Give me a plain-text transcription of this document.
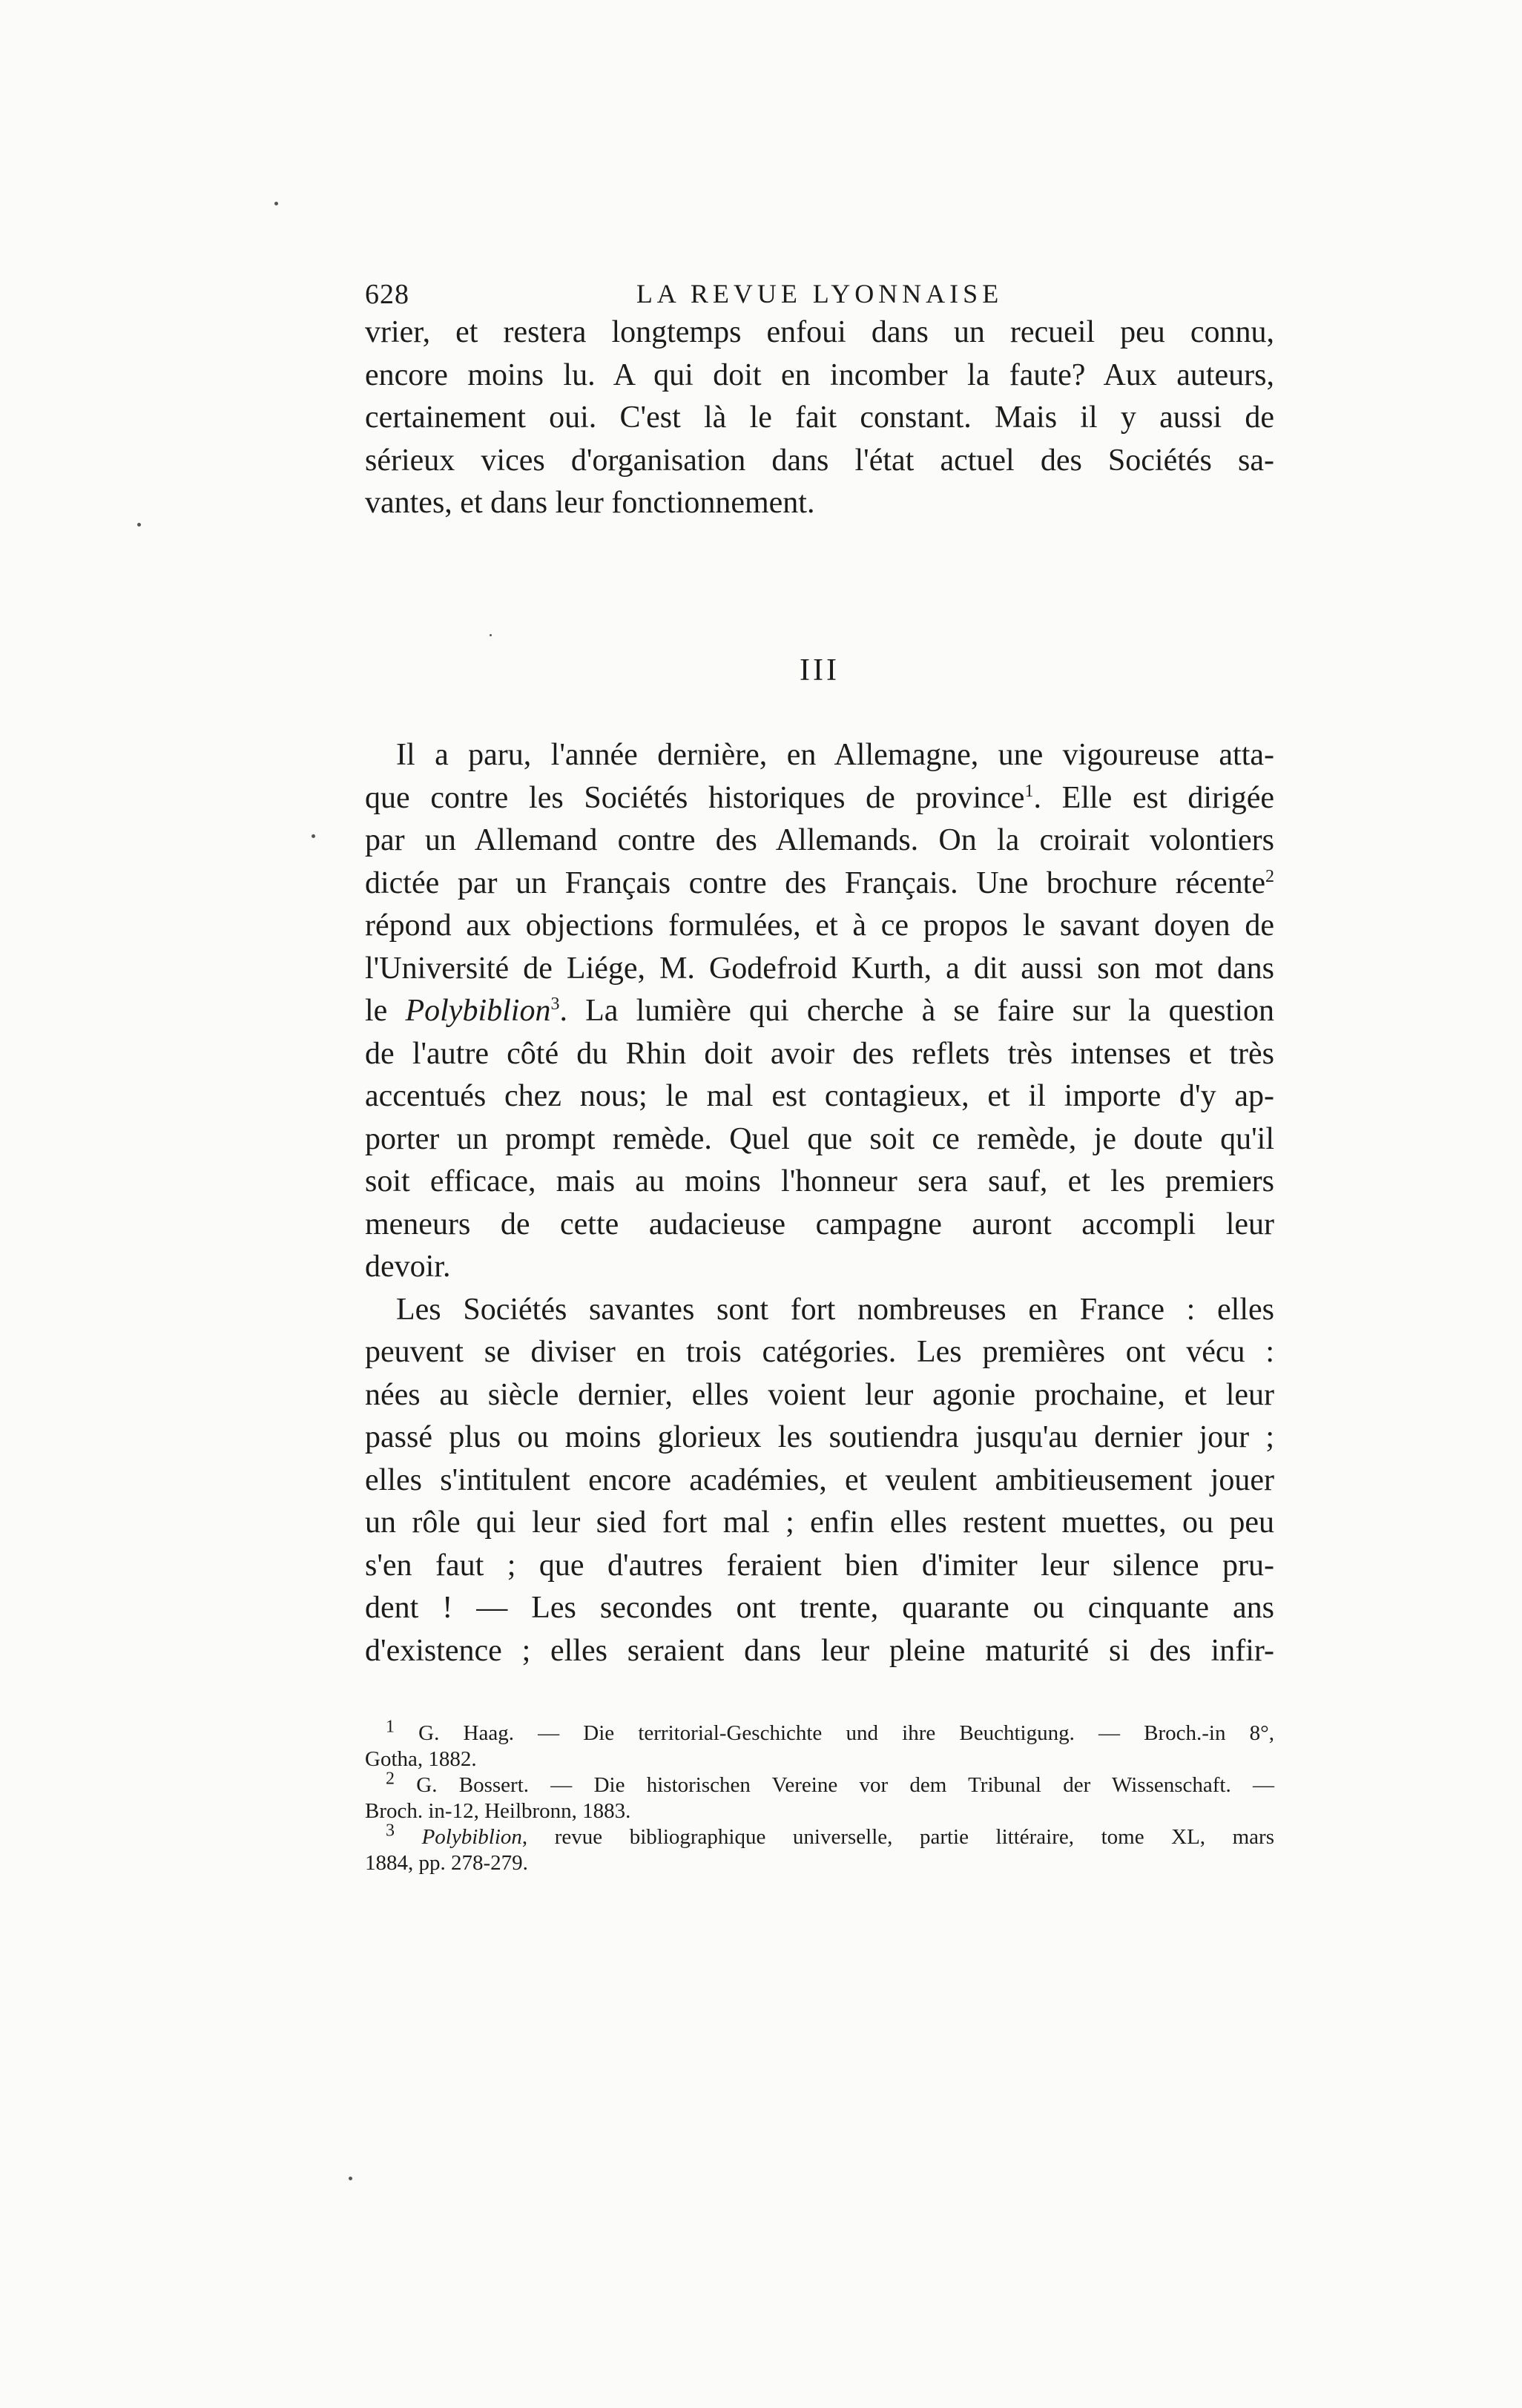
628	LA REVUE LYONNAISE
vrier, et restera longtemps enfoui dans un recueil peu connu,
encore moins lu. A qui doit en incomber la faute? Aux auteurs,
certainement oui. C'est là le fait constant. Mais il y aussi de
sérieux vices d'organisation dans l'état actuel des Sociétés sa-
vantes, et dans leur fonctionnement.
III
Il a paru, l'année dernière, en Allemagne, une vigoureuse atta-
que contre les Sociétés historiques de province$^1$. Elle est dirigée
par un Allemand contre des Allemands. On la croirait volontiers
dictée par un Français contre des Français. Une brochure récente$^2$
répond aux objections formulées, et à ce propos le savant doyen de
l'Université de Liége, M. Godefroid Kurth, a dit aussi son mot dans
le Polybiblion$^3$. La lumière qui cherche à se faire sur la question
de l'autre côté du Rhin doit avoir des reflets très intenses et très
accentués chez nous; le mal est contagieux, et il importe d'y ap-
porter un prompt remède. Quel que soit ce remède, je doute qu'il
soit efficace, mais au moins l'honneur sera sauf, et les premiers
meneurs de cette audacieuse campagne auront accompli leur
devoir.
Les Sociétés savantes sont fort nombreuses en France : elles
peuvent se diviser en trois catégories. Les premières ont vécu :
nées au siècle dernier, elles voient leur agonie prochaine, et leur
passé plus ou moins glorieux les soutiendra jusqu'au dernier jour ;
elles s'intitulent encore académies, et veulent ambitieusement jouer
un rôle qui leur sied fort mal ; enfin elles restent muettes, ou peu
s'en faut ; que d'autres feraient bien d'imiter leur silence pru-
dent ! — Les secondes ont trente, quarante ou cinquante ans
d'existence ; elles seraient dans leur pleine maturité si des infir-
$^1$ G. Haag. — Die territorial-Geschichte und ihre Beuchtigung. — Broch.-in 8°,
Gotha, 1882.
$^2$ G. Bossert. — Die historischen Vereine vor dem Tribunal der Wissenschaft. —
Broch. in-12, Heilbronn, 1883.
$^3$ Polybiblion, revue bibliographique universelle, partie littéraire, tome XL, mars
1884, pp. 278-279.
